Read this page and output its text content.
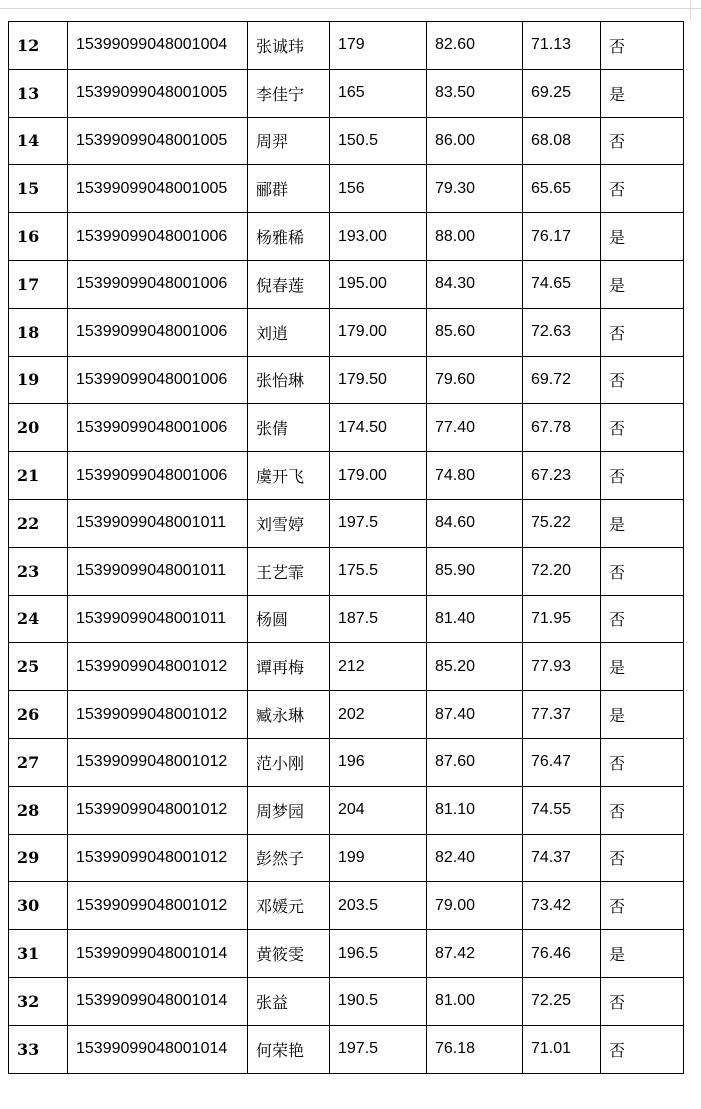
12	15399099048001004	张诚玮	179	82.60	71.13	否
13	15399099048001005	李佳宁	165	83.50	69.25	是
14	15399099048001005	周羿	150.5	86.00	68.08	否
15	15399099048001005	郦群	156	79.30	65.65	否
16	15399099048001006	杨雅稀	193.00	88.00	76.17	是
17	15399099048001006	倪春莲	195.00	84.30	74.65	是
18	15399099048001006	刘逍	179.00	85.60	72.63	否
19	15399099048001006	张怡琳	179.50	79.60	69.72	否
20	15399099048001006	张倩	174.50	77.40	67.78	否
21	15399099048001006	虞开飞	179.00	74.80	67.23	否
22	15399099048001011	刘雪婷	197.5	84.60	75.22	是
23	15399099048001011	王艺霏	175.5	85.90	72.20	否
24	15399099048001011	杨圆	187.5	81.40	71.95	否
25	15399099048001012	谭再梅	212	85.20	77.93	是
26	15399099048001012	臧永琳	202	87.40	77.37	是
27	15399099048001012	范小刚	196	87.60	76.47	否
28	15399099048001012	周梦园	204	81.10	74.55	否
29	15399099048001012	彭然子	199	82.40	74.37	否
30	15399099048001012	邓媛元	203.5	79.00	73.42	否
31	15399099048001014	黄筱雯	196.5	87.42	76.46	是
32	15399099048001014	张益	190.5	81.00	72.25	否
33	15399099048001014	何荣艳	197.5	76.18	71.01	否
